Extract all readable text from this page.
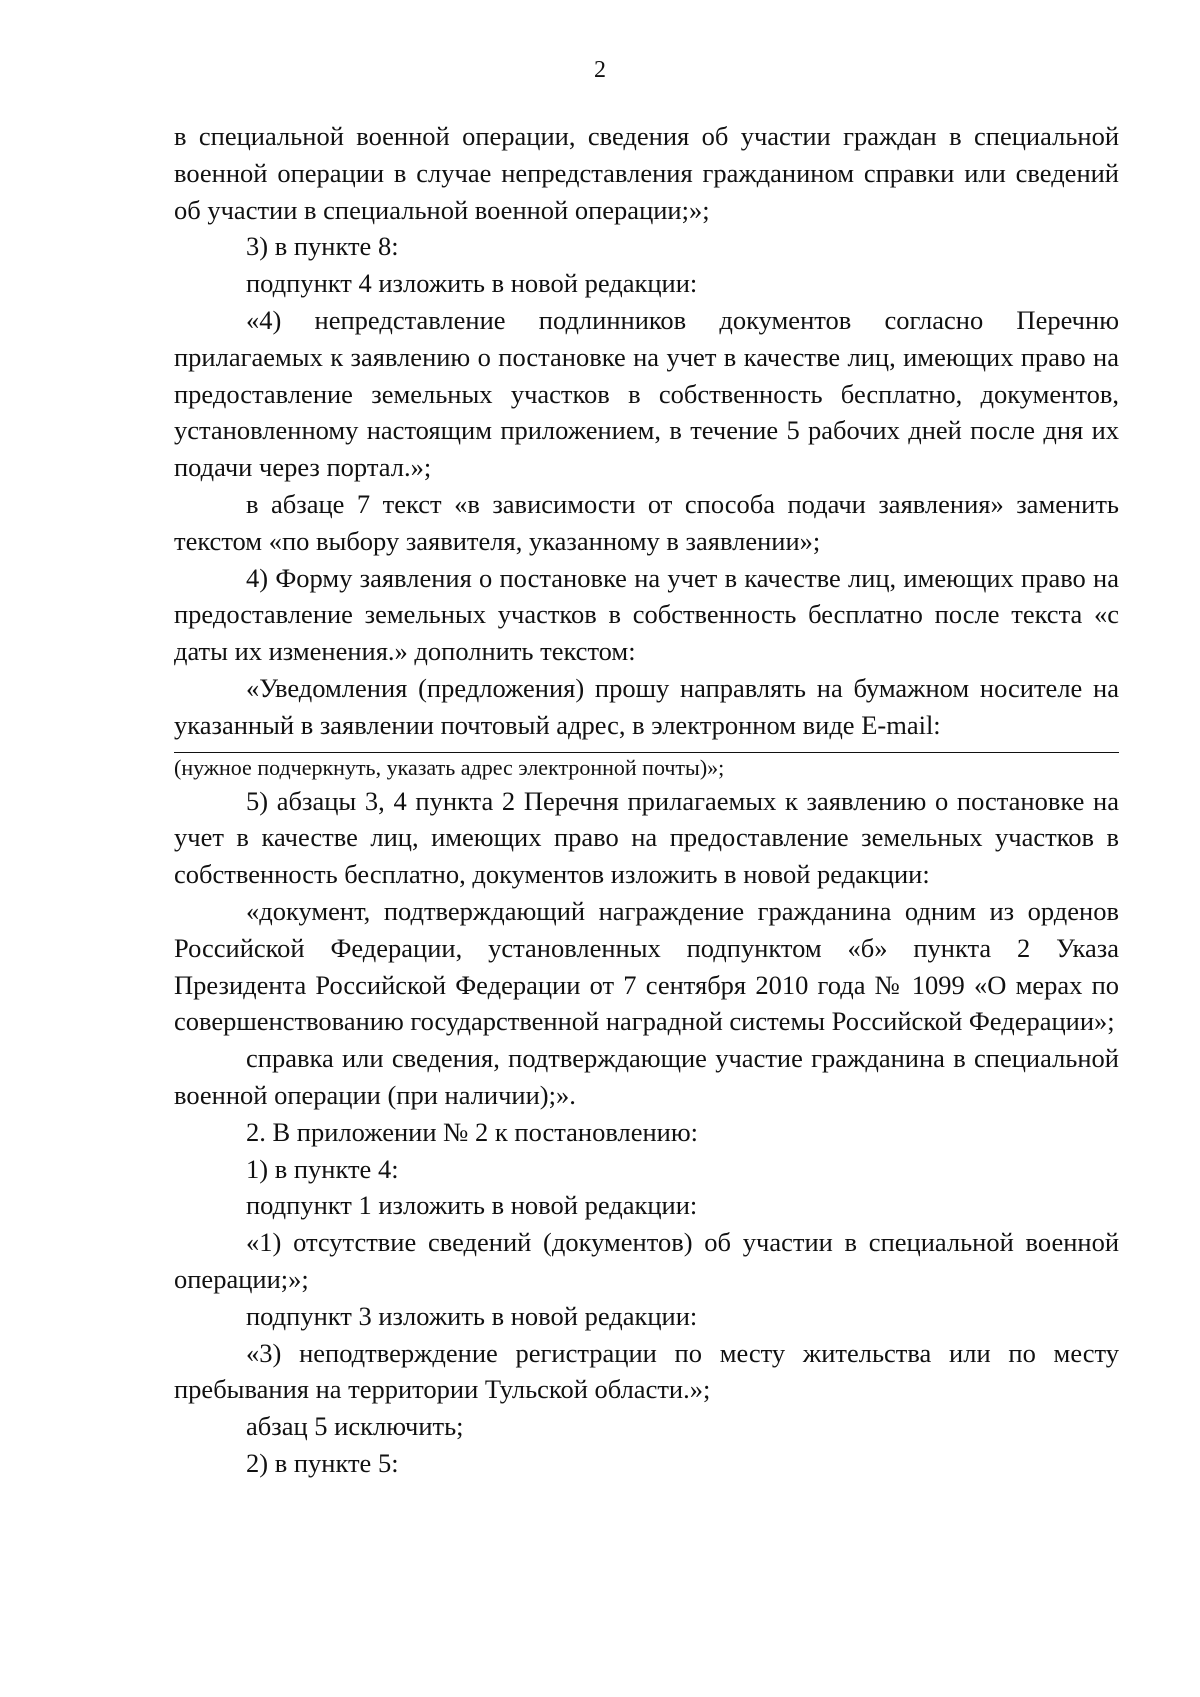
2

в специальной военной операции, сведения об участии граждан в специальной военной операции в случае непредставления гражданином справки или сведений об участии в специальной военной операции;»;

3) в пункте 8:

подпункт 4 изложить в новой редакции:

«4) непредставление подлинников документов согласно Перечню прилагаемых к заявлению о постановке на учет в качестве лиц, имеющих право на предоставление земельных участков в собственность бесплатно, документов, установленному настоящим приложением, в течение 5 рабочих дней после дня их подачи через портал.»;

в абзаце 7 текст «в зависимости от способа подачи заявления» заменить текстом «по выбору заявителя, указанному в заявлении»;

4) Форму заявления о постановке на учет в качестве лиц, имеющих право на предоставление земельных участков в собственность бесплатно после текста «с даты их изменения.» дополнить текстом:

«Уведомления (предложения) прошу направлять на бумажном носителе на указанный в заявлении почтовый адрес, в электронном виде E-mail:

(нужное подчеркнуть, указать адрес электронной почты)»;

5) абзацы 3, 4 пункта 2 Перечня прилагаемых к заявлению о постановке на учет в качестве лиц, имеющих право на предоставление земельных участков в собственность бесплатно, документов изложить в новой редакции:

«документ, подтверждающий награждение гражданина одним из орденов Российской Федерации, установленных подпунктом «б» пункта 2 Указа Президента Российской Федерации от 7 сентября 2010 года № 1099 «О мерах по совершенствованию государственной наградной системы Российской Федерации»;

справка или сведения, подтверждающие участие гражданина в специальной военной операции (при наличии);».

2. В приложении № 2 к постановлению:

1) в пункте 4:

подпункт 1 изложить в новой редакции:

«1) отсутствие сведений (документов) об участии в специальной военной операции;»;

подпункт 3 изложить в новой редакции:

«3) неподтверждение регистрации по месту жительства или по месту пребывания на территории Тульской области.»;

абзац 5 исключить;

2) в пункте 5:
